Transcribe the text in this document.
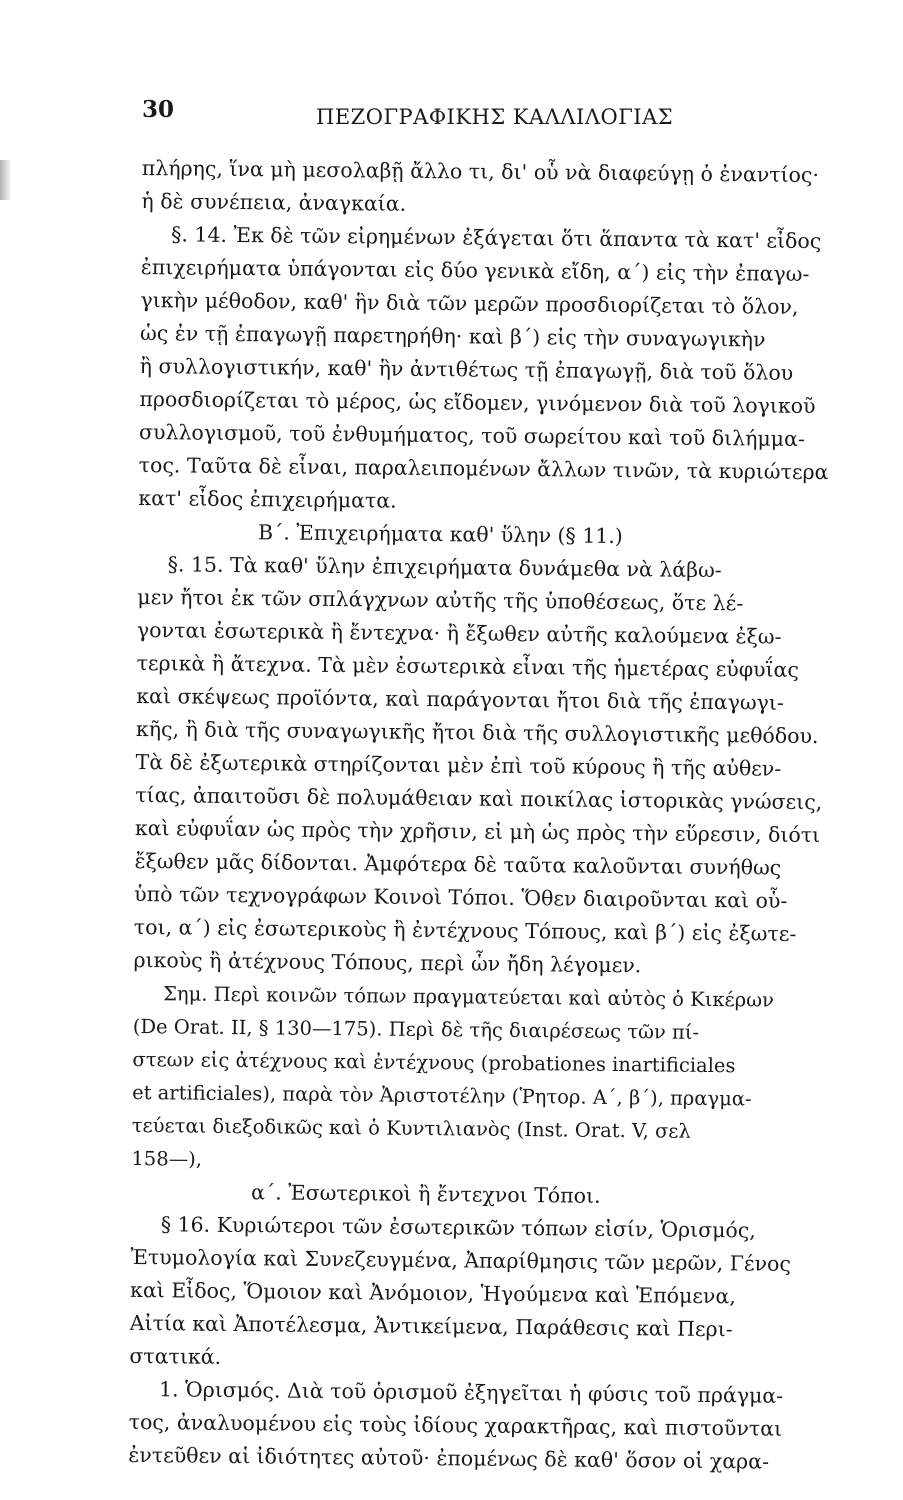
30	ΠΕΖΟΓΡΑΦΙΚΗΣ ΚΑΛΛΙΛΟΓΙΑΣ
πλήρης, ἵνα μὴ μεσολαβῇ ἄλλο τι, δι' οὗ νὰ διαφεύγῃ ὁ ἐναντίος·
ἡ δὲ συνέπεια, ἀναγκαία.
§. 14. Ἐκ δὲ τῶν εἰρημένων ἐξάγεται ὅτι ἅπαντα τὰ κατ' εἶδος
ἐπιχειρήματα ὑπάγονται εἰς δύο γενικὰ εἴδη, α΄) εἰς τὴν ἐπαγω-
γικὴν μέθοδον, καθ' ἣν διὰ τῶν μερῶν προσδιορίζεται τὸ ὅλον,
ὡς ἐν τῇ ἐπαγωγῇ παρετηρήθη· καὶ β΄) εἰς τὴν συναγωγικὴν
ἢ συλλογιστικήν, καθ' ἣν ἀντιθέτως τῇ ἐπαγωγῇ, διὰ τοῦ ὅλου
προσδιορίζεται τὸ μέρος, ὡς εἴδομεν, γινόμενον διὰ τοῦ λογικοῦ
συλλογισμοῦ, τοῦ ἐνθυμήματος, τοῦ σωρείτου καὶ τοῦ διλήμμα-
τος. Ταῦτα δὲ εἶναι, παραλειπομένων ἄλλων τινῶν, τὰ κυριώτερα
κατ' εἶδος ἐπιχειρήματα.
Β΄. Ἐπιχειρήματα καθ' ὕλην (§ 11.)
§. 15. Τὰ καθ' ὕλην ἐπιχειρήματα δυνάμεθα νὰ λάβω-
μεν ἤτοι ἐκ τῶν σπλάγχνων αὐτῆς τῆς ὑποθέσεως, ὅτε λέ-
γονται ἐσωτερικὰ ἢ ἔντεχνα· ἢ ἔξωθεν αὐτῆς καλούμενα ἐξω-
τερικὰ ἢ ἄτεχνα. Τὰ μὲν ἐσωτερικὰ εἶναι τῆς ἡμετέρας εὐφυΐας
καὶ σκέψεως προϊόντα, καὶ παράγονται ἤτοι διὰ τῆς ἐπαγωγι-
κῆς, ἢ διὰ τῆς συναγωγικῆς ἤτοι διὰ τῆς συλλογιστικῆς μεθόδου.
Τὰ δὲ ἐξωτερικὰ στηρίζονται μὲν ἐπὶ τοῦ κύρους ἢ τῆς αὐθεν-
τίας, ἀπαιτοῦσι δὲ πολυμάθειαν καὶ ποικίλας ἱστορικὰς γνώσεις,
καὶ εὐφυΐαν ὡς πρὸς τὴν χρῆσιν, εἰ μὴ ὡς πρὸς τὴν εὕρεσιν, διότι
ἔξωθεν μᾶς δίδονται. Ἀμφότερα δὲ ταῦτα καλοῦνται συνήθως
ὑπὸ τῶν τεχνογράφων Κοινοὶ Τόποι. Ὅθεν διαιροῦνται καὶ οὗ-
τοι, α΄) εἰς ἐσωτερικοὺς ἢ ἐντέχνους Τόπους, καὶ β΄) εἰς ἐξωτε-
ρικοὺς ἢ ἀτέχνους Τόπους, περὶ ὧν ἤδη λέγομεν.
Σημ. Περὶ κοινῶν τόπων πραγματεύεται καὶ αὐτὸς ὁ Κικέρων
(De Orat. II, § 130—175). Περὶ δὲ τῆς διαιρέσεως τῶν πί-
στεων εἰς ἀτέχνους καὶ ἐντέχνους (probationes inartificiales
et artificiales), παρὰ τὸν Ἀριστοτέλην (Ῥητορ. Α΄, β΄), πραγμα-
τεύεται διεξοδικῶς καὶ ὁ Κυντιλιανὸς (Inst. Orat. V, σελ
158—),
α΄. Ἐσωτερικοὶ ἢ ἔντεχνοι Τόποι.
§ 16. Κυριώτεροι τῶν ἐσωτερικῶν τόπων εἰσίν, Ὁρισμός,
Ἐτυμολογία καὶ Συνεζευγμένα, Ἀπαρίθμησις τῶν μερῶν, Γένος
καὶ Εἶδος, Ὅμοιον καὶ Ἀνόμοιον, Ἡγούμενα καὶ Ἑπόμενα,
Αἰτία καὶ Ἀποτέλεσμα, Ἀντικείμενα, Παράθεσις καὶ Περι-
στατικά.
1. Ὁρισμός. Διὰ τοῦ ὁρισμοῦ ἐξηγεῖται ἡ φύσις τοῦ πράγμα-
τος, ἀναλυομένου εἰς τοὺς ἰδίους χαρακτῆρας, καὶ πιστοῦνται
ἐντεῦθεν αἱ ἰδιότητες αὐτοῦ· ἐπομένως δὲ καθ' ὅσον οἱ χαρα-
